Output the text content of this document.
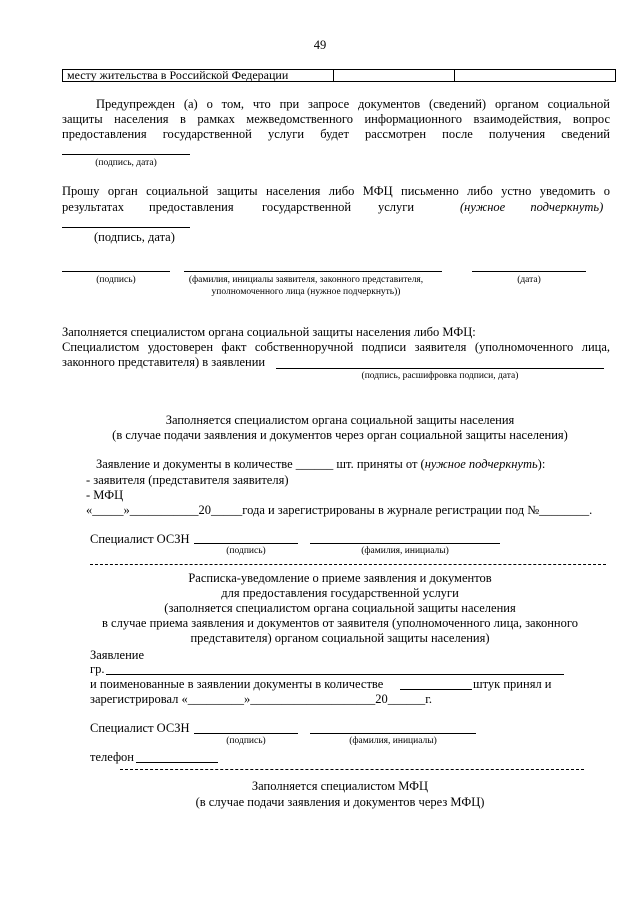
49
месту жительства в Российской Федерации		
Предупрежден (а) о том, что при запросе документов (сведений) органом социальной
защиты населения в рамках межведомственного информационного взаимодействия, вопрос
предоставления государственной услуги будет рассмотрен после получения сведений
(подпись, дата)
Прошу орган социальной защиты населения либо МФЦ письменно либо устно уведомить о
результатах предоставления государственной услуги	(нужное подчеркнуть)
(подпись, дата)
(подпись)	(фамилия, инициалы заявителя, законного представителя,
уполномоченного лица (нужное подчеркнуть))
(дата)
Заполняется специалистом органа социальной защиты населения либо МФЦ:
Специалистом удостоверен факт собственноручной подписи заявителя (уполномоченного лица,
законного представителя) в заявлении
(подпись, расшифровка подписи, дата)
Заполняется специалистом органа социальной защиты населения
(в случае подачи заявления и документов через орган социальной защиты населения)
Заявление и документы в количестве ______ шт. приняты от (нужное подчеркнуть):
- заявителя (представителя заявителя)
- МФЦ
«_____»___________20_____года и зарегистрированы в журнале регистрации под №________.
Специалист ОСЗН
(подпись)	(фамилия, инициалы)
Расписка-уведомление о приеме заявления и документов
для предоставления государственной услуги
(заполняется специалистом органа социальной защиты населения
в случае приема заявления и документов от заявителя (уполномоченного лица, законного
представителя) органом социальной защиты населения)
Заявление
гр.
и поименованные в заявлении документы в количестве	штук принял и
зарегистрировал «_________»____________________20______г.
Специалист ОСЗН
(подпись)	(фамилия, инициалы)
телефон
Заполняется специалистом МФЦ
(в случае подачи заявления и документов через МФЦ)
